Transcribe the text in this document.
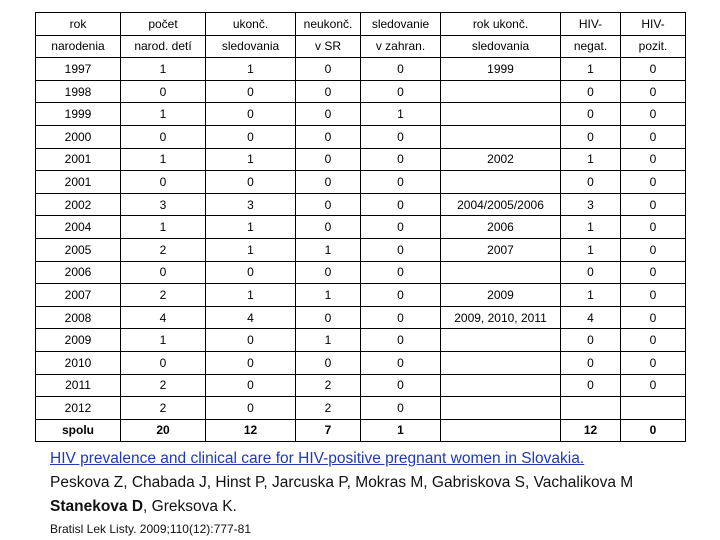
rok	počet	ukonč.	neukonč.	sledovanie	rok ukonč.	HIV-	HIV-
narodenia	narod. detí	sledovania	v SR	v zahran.	sledovania	negat.	pozit.
1997	1	1	0	0	1999	1	0
1998	0	0	0	0		0	0
1999	1	0	0	1		0	0
2000	0	0	0	0		0	0
2001	1	1	0	0	2002	1	0
2001	0	0	0	0		0	0
2002	3	3	0	0	2004/2005/2006	3	0
2004	1	1	0	0	2006	1	0
2005	2	1	1	0	2007	1	0
2006	0	0	0	0		0	0
2007	2	1	1	0	2009	1	0
2008	4	4	0	0	2009, 2010, 2011	4	0
2009	1	0	1	0		0	0
2010	0	0	0	0		0	0
2011	2	0	2	0		0	0
2012	2	0	2	0			
spolu	20	12	7	1		12	0
HIV prevalence and clinical care for HIV-positive pregnant women in Slovakia.
Peskova Z, Chabada J, Hinst P, Jarcuska P, Mokras M, Gabriskova S, Vachalikova M
Stanekova D, Greksova K.
Bratisl Lek Listy. 2009;110(12):777-81
